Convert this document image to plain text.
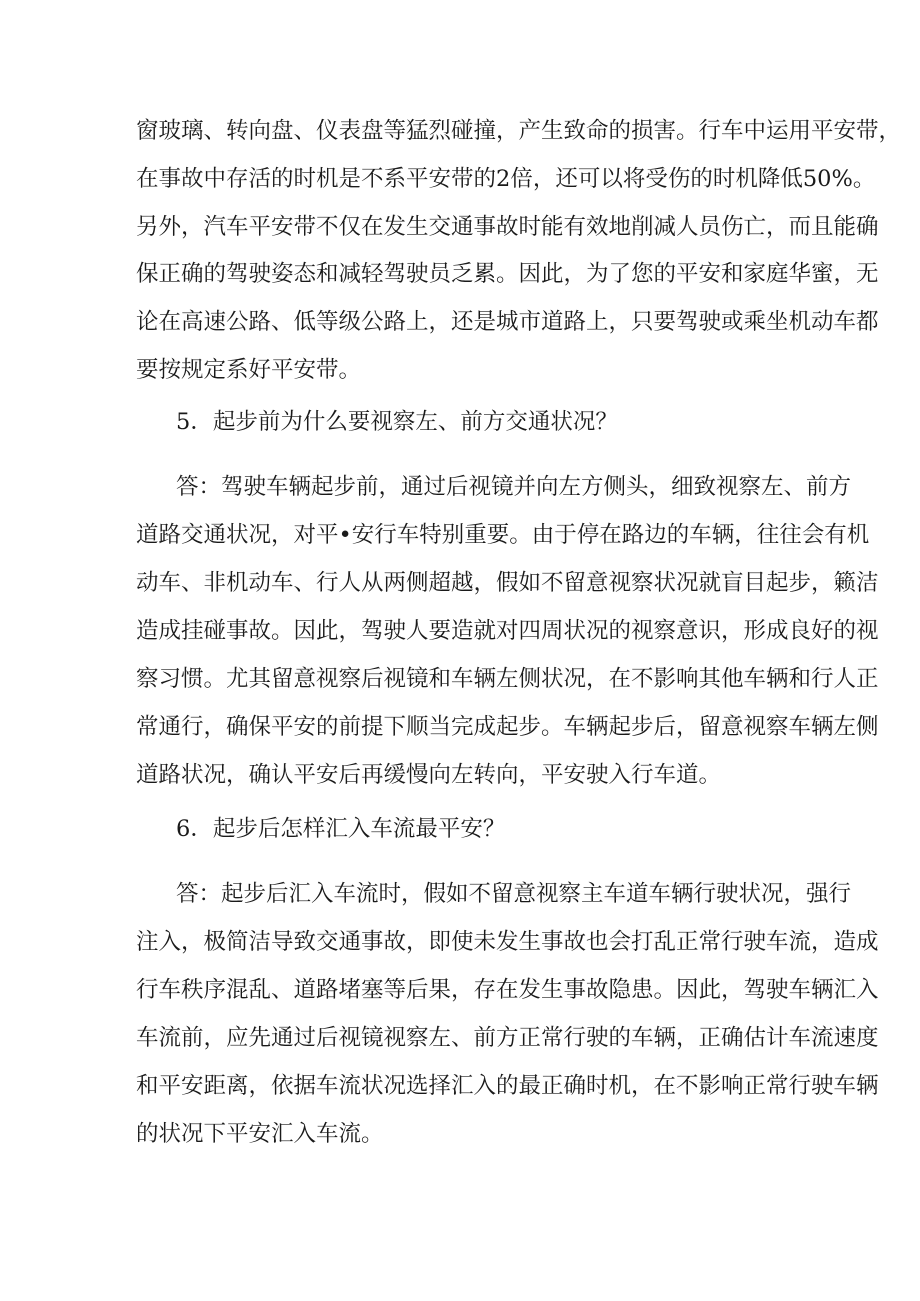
窗玻璃、转向盘、仪表盘等猛烈碰撞，产生致命的损害。行车中运用平安带，
在事故中存活的时机是不系平安带的2倍，还可以将受伤的时机降低50%。
另外，汽车平安带不仅在发生交通事故时能有效地削减人员伤亡，而且能确
保正确的驾驶姿态和减轻驾驶员乏累。因此，为了您的平安和家庭华蜜，无
论在高速公路、低等级公路上，还是城市道路上，只要驾驶或乘坐机动车都
要按规定系好平安带。
5．起步前为什么要视察左、前方交通状况？
答：驾驶车辆起步前，通过后视镜并向左方侧头，细致视察左、前方
道路交通状况，对平•安行车特别重要。由于停在路边的车辆，往往会有机
动车、非机动车、行人从两侧超越，假如不留意视察状况就盲目起步，籁洁
造成挂碰事故。因此，驾驶人要造就对四周状况的视察意识，形成良好的视
察习惯。尤其留意视察后视镜和车辆左侧状况，在不影响其他车辆和行人正
常通行，确保平安的前提下顺当完成起步。车辆起步后，留意视察车辆左侧
道路状况，确认平安后再缓慢向左转向，平安驶入行车道。
6．起步后怎样汇入车流最平安？
答：起步后汇入车流时，假如不留意视察主车道车辆行驶状况，强行
注入，极简洁导致交通事故，即使未发生事故也会打乱正常行驶车流，造成
行车秩序混乱、道路堵塞等后果，存在发生事故隐患。因此，驾驶车辆汇入
车流前，应先通过后视镜视察左、前方正常行驶的车辆，正确估计车流速度
和平安距离，依据车流状况选择汇入的最正确时机，在不影响正常行驶车辆
的状况下平安汇入车流。
